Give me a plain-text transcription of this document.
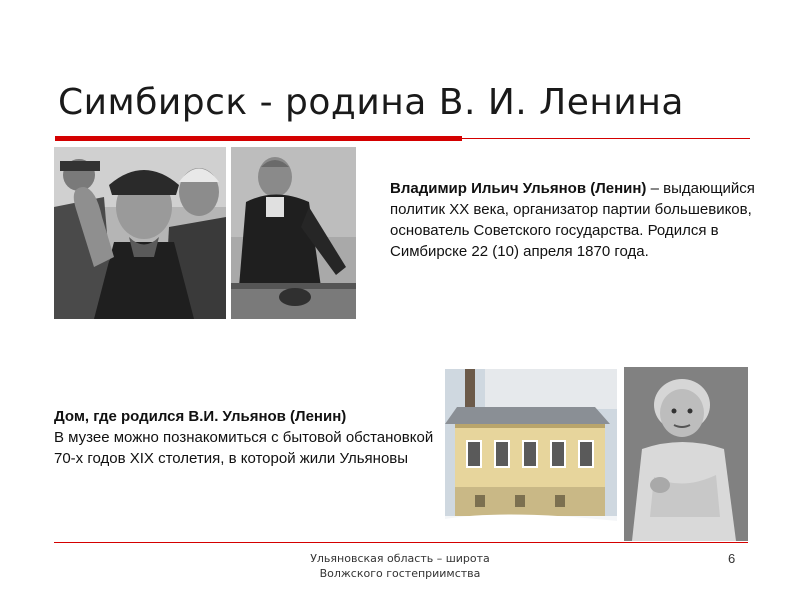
Симбирск - родина В. И. Ленина
Владимир Ильич Ульянов (Ленин) – выдающийся политик XX века, организатор партии большевиков, основатель Советского государства. Родился в Симбирске 22 (10) апреля 1870 года.
Дом, где родился В.И. Ульянов (Ленин)
В музее можно познакомиться с бытовой обстановкой 70-х годов XIX столетия, в которой жили Ульяновы
Ульяновская область – широта
Волжского гостеприимства
6
